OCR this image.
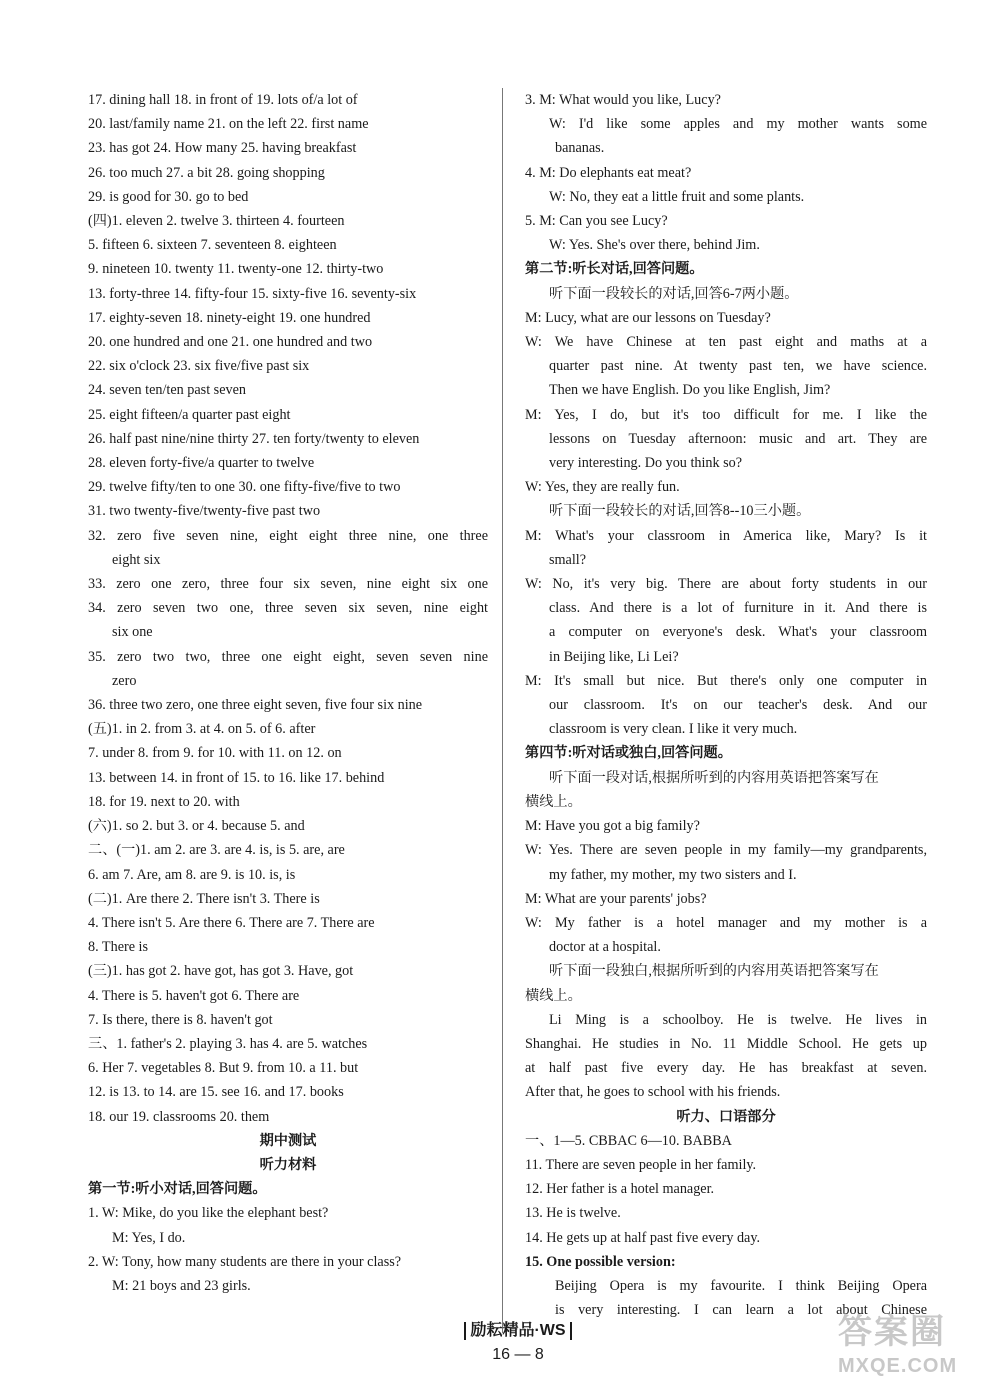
17. dining hall 18. in front of 19. lots of/a lot of
20. last/family name 21. on the left 22. first name
23. has got 24. How many 25. having breakfast
26. too much 27. a bit 28. going shopping
29. is good for 30. go to bed
(四)1. eleven 2. twelve 3. thirteen 4. fourteen
5. fifteen 6. sixteen 7. seventeen 8. eighteen
9. nineteen 10. twenty 11. twenty-one 12. thirty-two
13. forty-three 14. fifty-four 15. sixty-five 16. seventy-six
17. eighty-seven 18. ninety-eight 19. one hundred
20. one hundred and one 21. one hundred and two
22. six o'clock 23. six five/five past six
24. seven ten/ten past seven
25. eight fifteen/a quarter past eight
26. half past nine/nine thirty 27. ten forty/twenty to eleven
28. eleven forty-five/a quarter to twelve
29. twelve fifty/ten to one 30. one fifty-five/five to two
31. two twenty-five/twenty-five past two
32. zero five seven nine, eight eight three nine, one three
eight six
33. zero one zero, three four six seven, nine eight six one
34. zero seven two one, three seven six seven, nine eight
six one
35. zero two two, three one eight eight, seven seven nine
zero
36. three two zero, one three eight seven, five four six nine
(五)1. in 2. from 3. at 4. on 5. of 6. after
7. under 8. from 9. for 10. with 11. on 12. on
13. between 14. in front of 15. to 16. like 17. behind
18. for 19. next to 20. with
(六)1. so 2. but 3. or 4. because 5. and
二、(一)1. am 2. are 3. are 4. is, is 5. are, are
6. am 7. Are, am 8. are 9. is 10. is, is
(二)1. Are there 2. There isn't 3. There is
4. There isn't 5. Are there 6. There are 7. There are
8. There is
(三)1. has got 2. have got, has got 3. Have, got
4. There is 5. haven't got 6. There are
7. Is there, there is 8. haven't got
三、1. father's 2. playing 3. has 4. are 5. watches
6. Her 7. vegetables 8. But 9. from 10. a 11. but
12. is 13. to 14. are 15. see 16. and 17. books
18. our 19. classrooms 20. them
期中测试
听力材料
第一节:听小对话,回答问题。
1. W: Mike, do you like the elephant best?
M: Yes, I do.
2. W: Tony, how many students are there in your class?
M: 21 boys and 23 girls.
3. M: What would you like, Lucy?
W: I'd like some apples and my mother wants some
bananas.
4. M: Do elephants eat meat?
W: No, they eat a little fruit and some plants.
5. M: Can you see Lucy?
W: Yes. She's over there, behind Jim.
第二节:听长对话,回答问题。
听下面一段较长的对话,回答6-7两小题。
M: Lucy, what are our lessons on Tuesday?
W: We have Chinese at ten past eight and maths at a
quarter past nine. At twenty past ten, we have science.
Then we have English. Do you like English, Jim?
M: Yes, I do, but it's too difficult for me. I like the
lessons on Tuesday afternoon: music and art. They are
very interesting. Do you think so?
W: Yes, they are really fun.
听下面一段较长的对话,回答8--10三小题。
M: What's your classroom in America like, Mary? Is it
small?
W: No, it's very big. There are about forty students in our
class. And there is a lot of furniture in it. And there is
a computer on everyone's desk. What's your classroom
in Beijing like, Li Lei?
M: It's small but nice. But there's only one computer in
our classroom. It's on our teacher's desk. And our
classroom is very clean. I like it very much.
第四节:听对话或独白,回答问题。
听下面一段对话,根据所听到的内容用英语把答案写在
横线上。
M: Have you got a big family?
W: Yes. There are seven people in my family—my grandparents,
my father, my mother, my two sisters and I.
M: What are your parents' jobs?
W: My father is a hotel manager and my mother is a
doctor at a hospital.
听下面一段独白,根据所听到的内容用英语把答案写在
横线上。
Li Ming is a schoolboy. He is twelve. He lives in
Shanghai. He studies in No. 11 Middle School. He gets up
at half past five every day. He has breakfast at seven.
After that, he goes to school with his friends.
听力、口语部分
一、1—5. CBBAC 6—10. BABBA
11. There are seven people in her family.
12. Her father is a hotel manager.
13. He is twelve.
14. He gets up at half past five every day.
15. One possible version:
Beijing Opera is my favourite. I think Beijing Opera
is very interesting. I can learn a lot about Chinese
励耘精品·WS
16 — 8
答案圈
MXQE.COM
